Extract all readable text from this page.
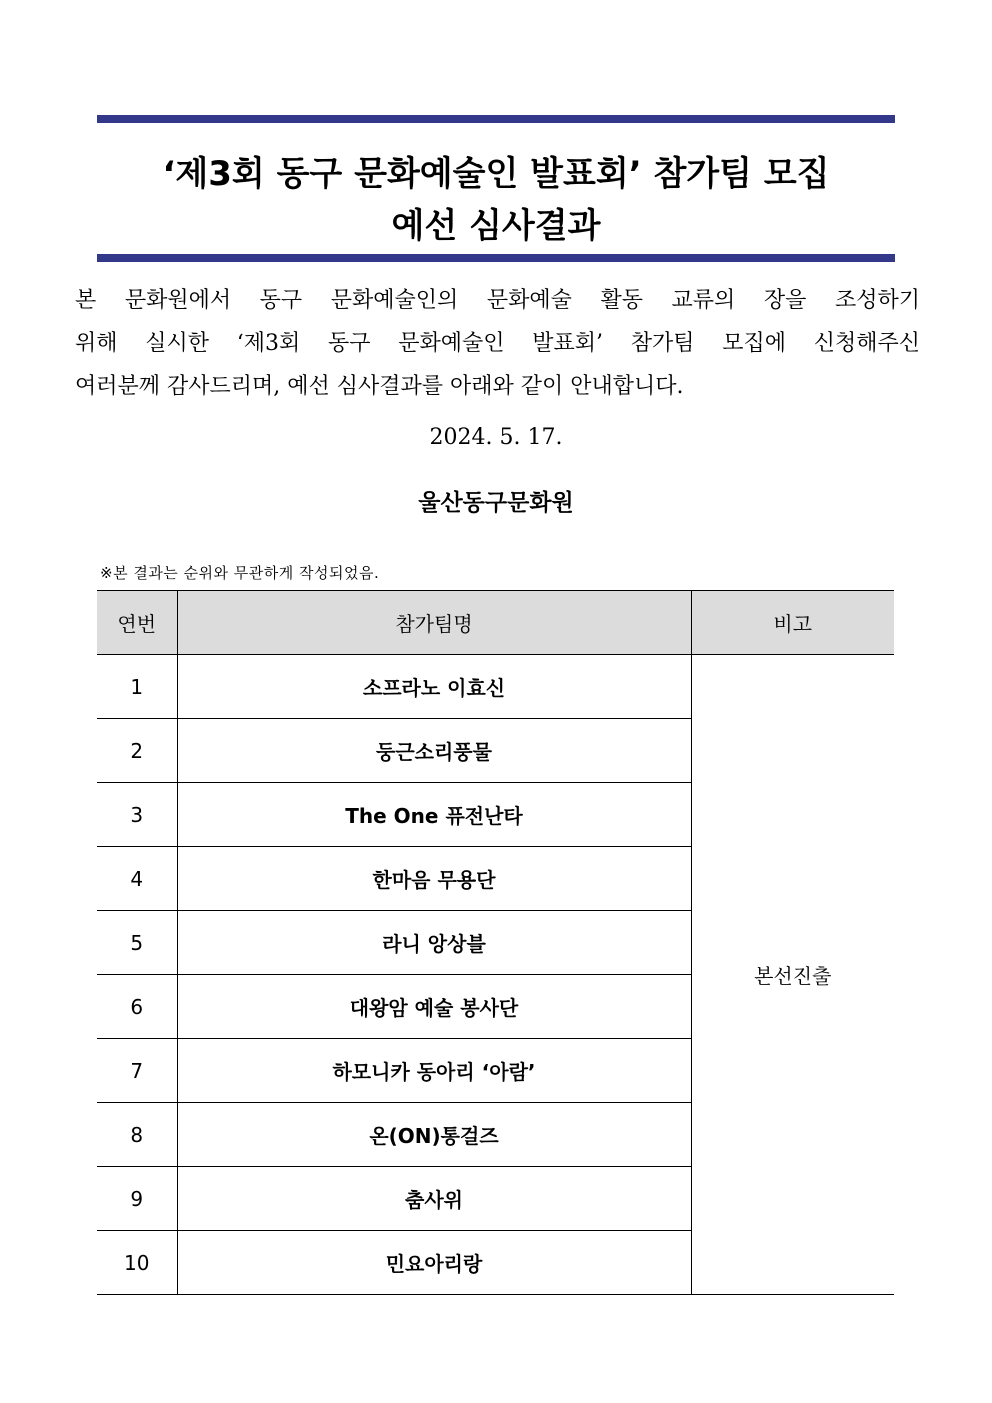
‘제3회 동구 문화예술인 발표회’ 참가팀 모집
예선 심사결과
본 문화원에서 동구 문화예술인의 문화예술 활동 교류의 장을 조성하기
위해 실시한 ‘제3회 동구 문화예술인 발표회’ 참가팀 모집에 신청해주신
여러분께 감사드리며, 예선 심사결과를 아래와 같이 안내합니다.
2024. 5. 17.
울산동구문화원
※본 결과는 순위와 무관하게 작성되었음.
연번	참가팀명	비고
1	소프라노 이효신	본선진출
2	둥근소리풍물	
3	The One 퓨전난타	
4	한마음 무용단	
5	라니 앙상블	
6	대왕암 예술 봉사단	
7	하모니카 동아리 ‘아람’	
8	온(ON)통걸즈	
9	춤사위	
10	민요아리랑	
